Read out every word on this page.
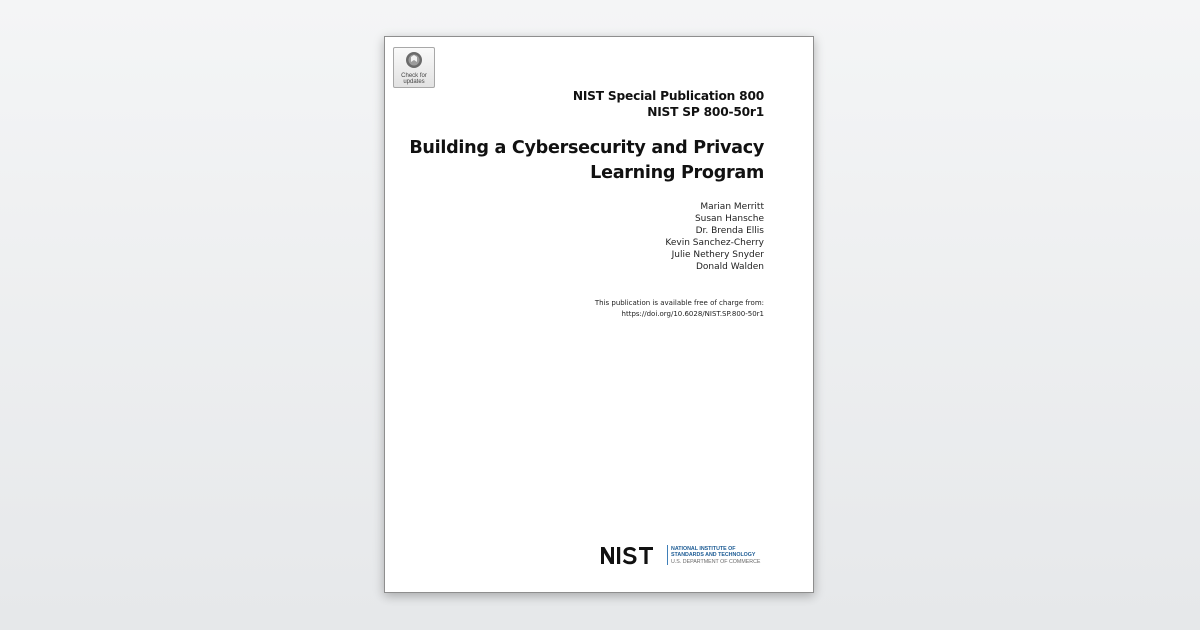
Check for
updates
NIST Special Publication 800
NIST SP 800-50r1
Building a Cybersecurity and Privacy
Learning Program
Marian Merritt
Susan Hansche
Dr. Brenda Ellis
Kevin Sanchez-Cherry
Julie Nethery Snyder
Donald Walden
This publication is available free of charge from:
https://doi.org/10.6028/NIST.SP.800-50r1
NATIONAL INSTITUTE OF
STANDARDS AND TECHNOLOGY
U.S. DEPARTMENT OF COMMERCE
